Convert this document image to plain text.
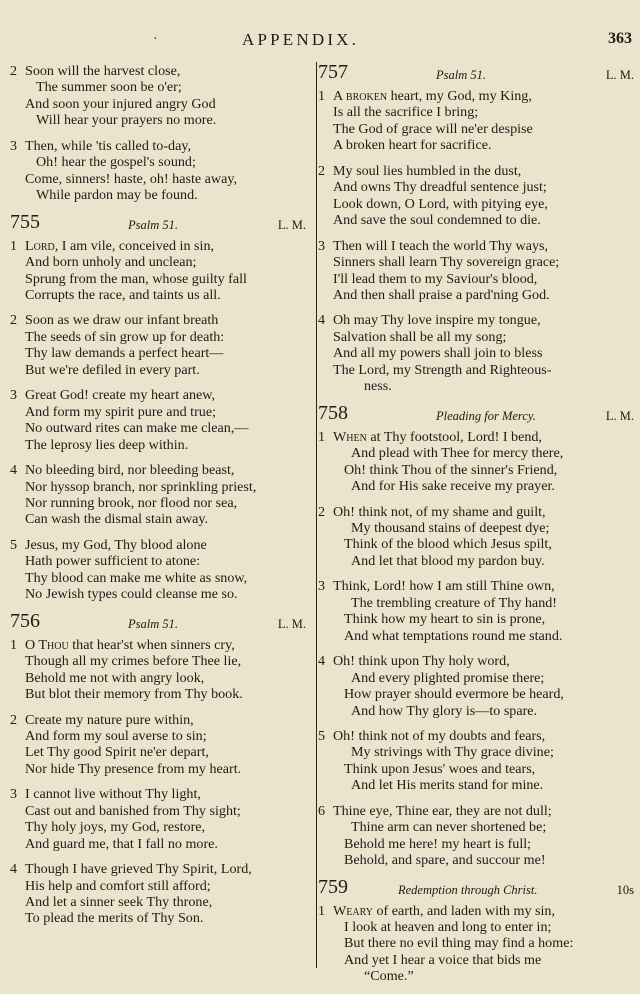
·	APPENDIX.	363
2 Soon will the harvest close,
The summer soon be o'er;
And soon your injured angry God
Will hear your prayers no more.
3 Then, while 'tis called to-day,
Oh! hear the gospel's sound;
Come, sinners! haste, oh! haste away,
While pardon may be found.
755	Psalm 51.	L. M.
1 Lord, I am vile, conceived in sin,
And born unholy and unclean;
Sprung from the man, whose guilty fall
Corrupts the race, and taints us all.
2 Soon as we draw our infant breath
The seeds of sin grow up for death:
Thy law demands a perfect heart—
But we're defiled in every part.
3 Great God! create my heart anew,
And form my spirit pure and true;
No outward rites can make me clean,—
The leprosy lies deep within.
4 No bleeding bird, nor bleeding beast,
Nor hyssop branch, nor sprinkling priest,
Nor running brook, nor flood nor sea,
Can wash the dismal stain away.
5 Jesus, my God, Thy blood alone
Hath power sufficient to atone:
Thy blood can make me white as snow,
No Jewish types could cleanse me so.
756	Psalm 51.	L. M.
1 O Thou that hear'st when sinners cry,
Though all my crimes before Thee lie,
Behold me not with angry look,
But blot their memory from Thy book.
2 Create my nature pure within,
And form my soul averse to sin;
Let Thy good Spirit ne'er depart,
Nor hide Thy presence from my heart.
3 I cannot live without Thy light,
Cast out and banished from Thy sight;
Thy holy joys, my God, restore,
And guard me, that I fall no more.
4 Though I have grieved Thy Spirit, Lord,
His help and comfort still afford;
And let a sinner seek Thy throne,
To plead the merits of Thy Son.
757	Psalm 51.	L. M.
1 A broken heart, my God, my King,
Is all the sacrifice I bring;
The God of grace will ne'er despise
A broken heart for sacrifice.
2 My soul lies humbled in the dust,
And owns Thy dreadful sentence just;
Look down, O Lord, with pitying eye,
And save the soul condemned to die.
3 Then will I teach the world Thy ways,
Sinners shall learn Thy sovereign grace;
I'll lead them to my Saviour's blood,
And then shall praise a pard'ning God.
4 Oh may Thy love inspire my tongue,
Salvation shall be all my song;
And all my powers shall join to bless
The Lord, my Strength and Righteous-
ness.
758	Pleading for Mercy.	L. M.
1 When at Thy footstool, Lord! I bend,
And plead with Thee for mercy there,
Oh! think Thou of the sinner's Friend,
And for His sake receive my prayer.
2 Oh! think not, of my shame and guilt,
My thousand stains of deepest dye;
Think of the blood which Jesus spilt,
And let that blood my pardon buy.
3 Think, Lord! how I am still Thine own,
The trembling creature of Thy hand!
Think how my heart to sin is prone,
And what temptations round me stand.
4 Oh! think upon Thy holy word,
And every plighted promise there;
How prayer should evermore be heard,
And how Thy glory is—to spare.
5 Oh! think not of my doubts and fears,
My strivings with Thy grace divine;
Think upon Jesus' woes and tears,
And let His merits stand for mine.
6 Thine eye, Thine ear, they are not dull;
Thine arm can never shortened be;
Behold me here! my heart is full;
Behold, and spare, and succour me!
759	Redemption through Christ.	10s
1 Weary of earth, and laden with my sin,
I look at heaven and long to enter in;
But there no evil thing may find a home:
And yet I hear a voice that bids me
“Come.”
